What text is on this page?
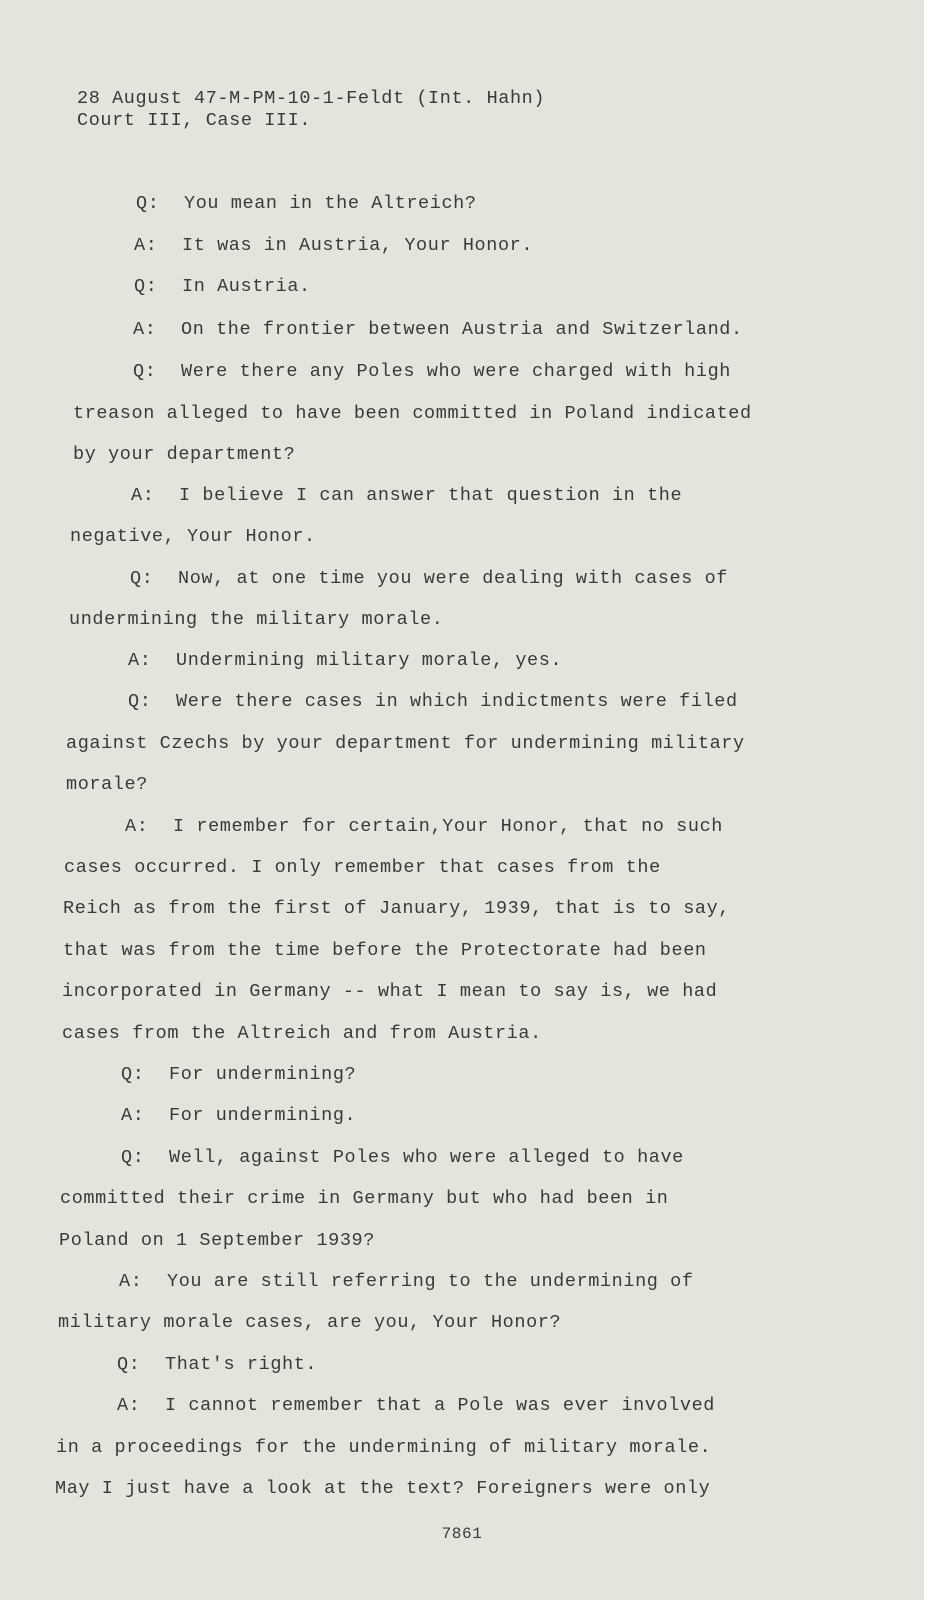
28 August 47-M-PM-10-1-Feldt (Int. Hahn)
Court III, Case III.
Q: You mean in the Altreich?
A: It was in Austria, Your Honor.
Q: In Austria.
A: On the frontier between Austria and Switzerland.
Q: Were there any Poles who were charged with high
treason alleged to have been committed in Poland indicated
by your department?
A: I believe I can answer that question in the
negative, Your Honor.
Q: Now, at one time you were dealing with cases of
undermining the military morale.
A: Undermining military morale, yes.
Q: Were there cases in which indictments were filed
against Czechs by your department for undermining military
morale?
A: I remember for certain,Your Honor, that no such
cases occurred. I only remember that cases from the
Reich as from the first of January, 1939, that is to say,
that was from the time before the Protectorate had been
incorporated in Germany -- what I mean to say is, we had
cases from the Altreich and from Austria.
Q: For undermining?
A: For undermining.
Q: Well, against Poles who were alleged to have
committed their crime in Germany but who had been in
Poland on 1 September 1939?
A: You are still referring to the undermining of
military morale cases, are you, Your Honor?
Q: That's right.
A: I cannot remember that a Pole was ever involved
in a proceedings for the undermining of military morale.
May I just have a look at the text? Foreigners were only
7861
